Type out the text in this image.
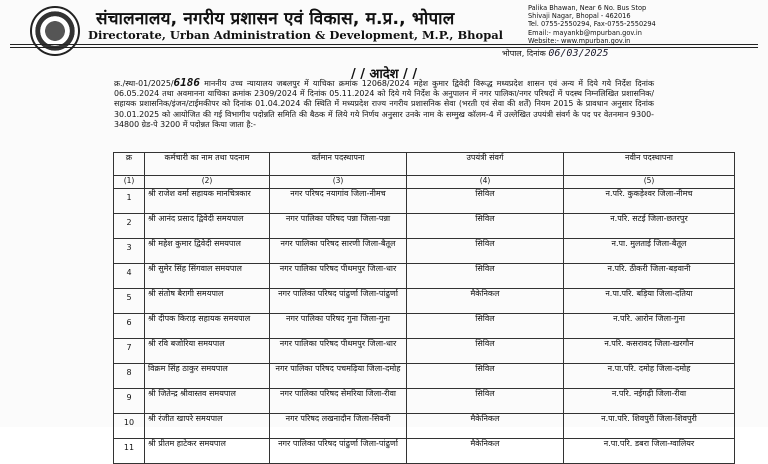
संचालनालय, नगरीय प्रशासन एवं विकास, म.प्र., भोपाल
Directorate, Urban Administration & Development, M.P., Bhopal
Palika Bhawan, Near 6 No. Bus Stop
Shivaji Nagar, Bhopal - 462016
Tel. 0755-2550294, Fax-0755-2550294
Email:- mayankb@mpurban.gov.in
Website:- www.mpurban.gov.in
भोपाल, दिनांक 06/03/2025
/ / आदेश / /
क्र./स्था-01/2025/6186 माननीय उच्च न्यायालय जबलपुर में याचिका क्रमांक 12068/2024 महेश कुमार द्विवेदी विरूद्ध मध्यप्रदेश शासन एवं अन्य में दिये गये निर्देश दिनांक 06.05.2024 तथा अवमानना याचिका क्रमांक 2309/2024 में दिनांक 05.11.2024 को दिये गये निर्देश के अनुपालन में नगर पालिका/नगर परिषदों में पदस्थ निम्नलिखित प्रशासनिक/सहायक प्रशासनिक/इंजन/टाईमकीपर को दिनांक 01.04.2024 की स्थिति में मध्यप्रदेश राज्य नगरीय प्रशासनिक सेवा (भरती एवं सेवा की शर्तें) नियम 2015 के प्रावधान अनुसार दिनांक 30.01.2025 को आयोजित की गई विभागीय पदोन्नति समिति की बैठक में लिये गये निर्णय अनुसार उनके नाम के सम्मुख कॉलम-4 में उल्लेखित उपयंत्री संवर्ग के पद पर वेतनमान 9300-34800 ग्रेड-पे 3200 में पदोन्नत किया जाता है:-
क्र	कर्मचारी का नाम तथा पदनाम	वर्तमान पदस्थापना	उपयंत्री संवर्ग	नवीन पदस्थापना
(1)	(2)	(3)	(4)	(5)
1	श्री राजेश वर्मा सहायक मानचित्रकार	नगर परिषद नयागांव जिला-नीमच	सिविल	न.परि. कुकड़ेश्वर जिला-नीमच
2	श्री आनंद प्रसाद द्विवेदी समयपाल	नगर पालिका परिषद पन्ना जिला-पन्ना	सिविल	न.परि. सटई जिला-छतरपुर
3	श्री महेश कुमार द्विवेदी समयपाल	नगर पालिका परिषद सारणी जिला-बैतूल	सिविल	न.पा. मुलताई जिला-बैतूल
4	श्री सुमेर सिंह सिंगवाल समयपाल	नगर पालिका परिषद पीथमपुर जिला-धार	सिविल	न.परि. ठीकरी जिला-बड़वानी
5	श्री संतोष बैरागी समयपाल	नगर पालिका परिषद पांढुर्णा जिला-पांढुर्णा	मैकेनिकल	न.पा.परि. बड़िया जिला-दतिया
6	श्री दीपक किराड़ सहायक समयपाल	नगर पालिका परिषद गुना जिला-गुना	सिविल	न.परि. आरोन जिला-गुना
7	श्री रवि बजोरिया समयपाल	नगर पालिका परिषद पीथमपुर जिला-धार	सिविल	न.परि. कसरावद जिला-खरगौन
8	विक्रम सिंह ठाकुर समयपाल	नगर पालिका परिषद पचमढ़िया जिला-दमोह	सिविल	न.पा.परि. दमोह जिला-दमोह
9	श्री जितेन्द्र श्रीवास्तव समयपाल	नगर पालिका परिषद सेमरिया जिला-रीवा	सिविल	न.परि. नईगढ़ी जिला-रीवा
10	श्री रंजीत खापरे समयपाल	नगर परिषद लखनादौन जिला-सिवनी	मैकेनिकल	न.पा.परि. शिवपुरी जिला-शिवपुरी
11	श्री प्रीतम हाटेकर समयपाल	नगर पालिका परिषद पांढुर्णा जिला-पांढुर्णा	मैकेनिकल	न.पा.परि. डबरा जिला-ग्वालियर
